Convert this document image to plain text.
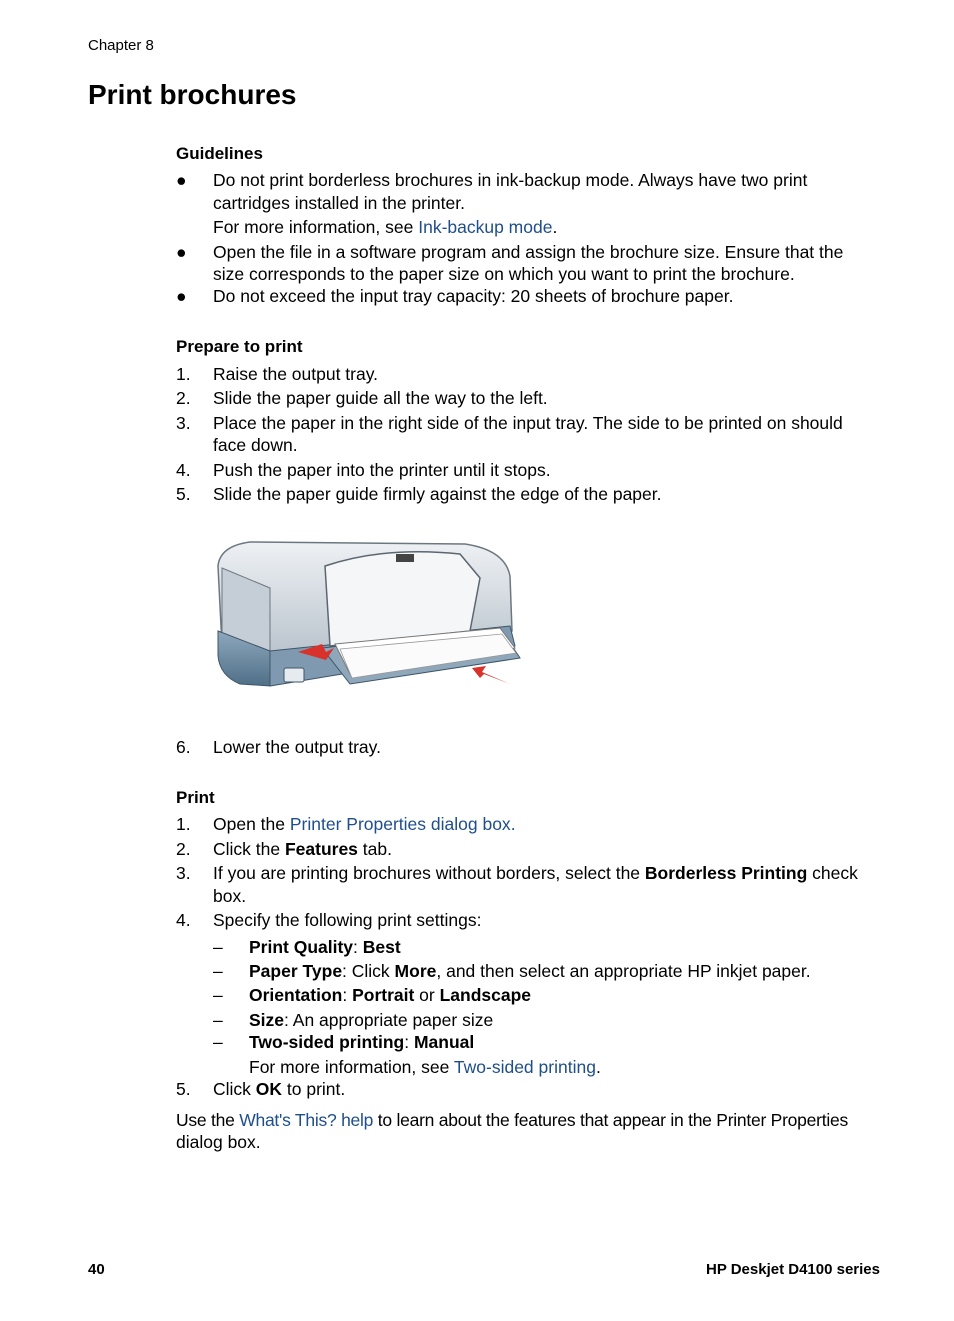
Chapter 8
Print brochures
Guidelines
● Do not print borderless brochures in ink-backup mode. Always have two print
cartridges installed in the printer.
For more information, see Ink-backup mode.
● Open the file in a software program and assign the brochure size. Ensure that the
size corresponds to the paper size on which you want to print the brochure.
● Do not exceed the input tray capacity: 20 sheets of brochure paper.
Prepare to print
1. Raise the output tray.
2. Slide the paper guide all the way to the left.
3. Place the paper in the right side of the input tray. The side to be printed on should
face down.
4. Push the paper into the printer until it stops.
5. Slide the paper guide firmly against the edge of the paper.
6. Lower the output tray.
Print
1. Open the Printer Properties dialog box.
2. Click the Features tab.
3. If you are printing brochures without borders, select the Borderless Printing check
box.
4. Specify the following print settings:
– Print Quality: Best
– Paper Type: Click More, and then select an appropriate HP inkjet paper.
– Orientation: Portrait or Landscape
– Size: An appropriate paper size
– Two-sided printing: Manual
For more information, see Two-sided printing.
5. Click OK to print.
Use the What's This? help to learn about the features that appear in the Printer Properties
dialog box.
40	HP Deskjet D4100 series
